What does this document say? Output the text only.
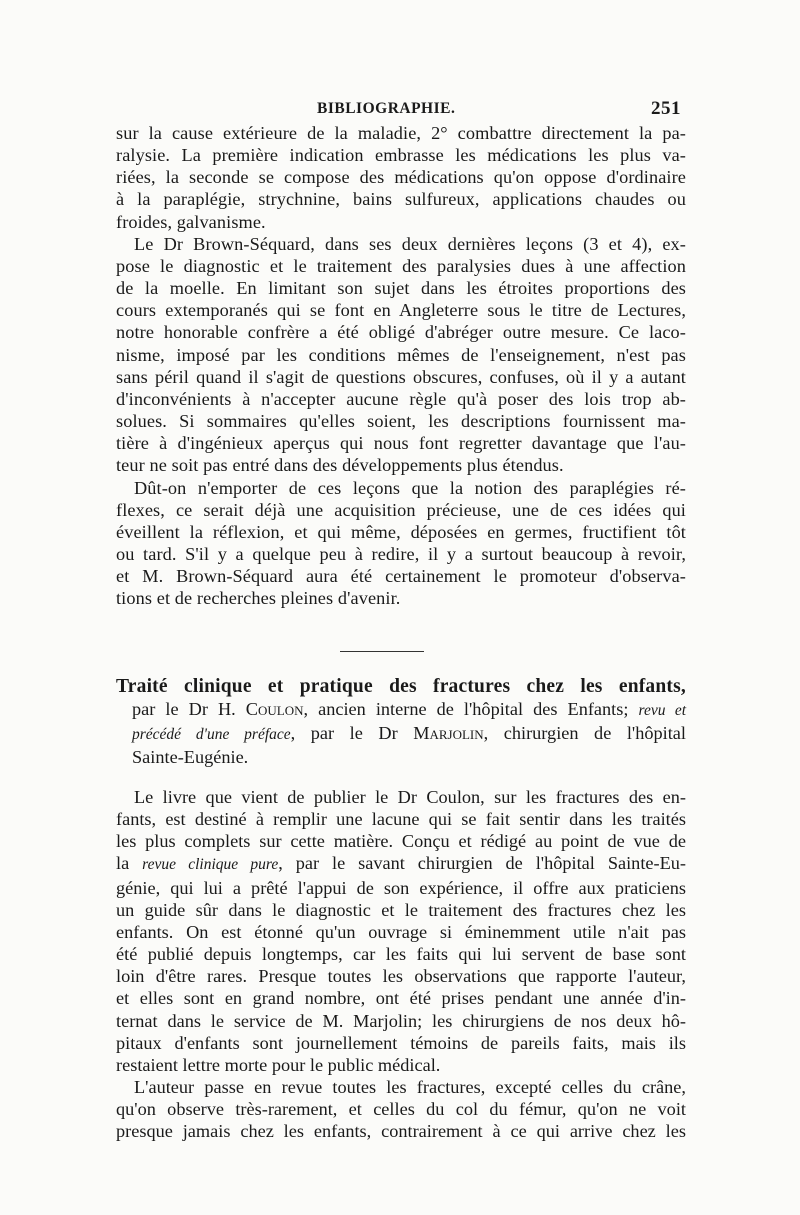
BIBLIOGRAPHIE.	251

sur la cause extérieure de la maladie, 2° combattre directement la pa-
ralysie. La première indication embrasse les médications les plus va-
riées, la seconde se compose des médications qu'on oppose d'ordinaire
à la paraplégie, strychnine, bains sulfureux, applications chaudes ou
froides, galvanisme.

Le Dr Brown-Séquard, dans ses deux dernières leçons (3 et 4), ex-
pose le diagnostic et le traitement des paralysies dues à une affection
de la moelle. En limitant son sujet dans les étroites proportions des
cours extemporanés qui se font en Angleterre sous le titre de Lectures,
notre honorable confrère a été obligé d'abréger outre mesure. Ce laco-
nisme, imposé par les conditions mêmes de l'enseignement, n'est pas
sans péril quand il s'agit de questions obscures, confuses, où il y a autant
d'inconvénients à n'accepter aucune règle qu'à poser des lois trop ab-
solues. Si sommaires qu'elles soient, les descriptions fournissent ma-
tière à d'ingénieux aperçus qui nous font regretter davantage que l'au-
teur ne soit pas entré dans des développements plus étendus.

Dût-on n'emporter de ces leçons que la notion des paraplégies ré-
flexes, ce serait déjà une acquisition précieuse, une de ces idées qui
éveillent la réflexion, et qui même, déposées en germes, fructifient tôt
ou tard. S'il y a quelque peu à redire, il y a surtout beaucoup à revoir,
et M. Brown-Séquard aura été certainement le promoteur d'observa-
tions et de recherches pleines d'avenir.

Traité clinique et pratique des fractures chez les enfants,
par le Dr H. Coulon, ancien interne de l'hôpital des Enfants; revu et
précédé d'une préface, par le Dr Marjolin, chirurgien de l'hôpital
Sainte-Eugénie.

Le livre que vient de publier le Dr Coulon, sur les fractures des en-
fants, est destiné à remplir une lacune qui se fait sentir dans les traités
les plus complets sur cette matière. Conçu et rédigé au point de vue de
la revue clinique pure, par le savant chirurgien de l'hôpital Sainte-Eu-
génie, qui lui a prêté l'appui de son expérience, il offre aux praticiens
un guide sûr dans le diagnostic et le traitement des fractures chez les
enfants. On est étonné qu'un ouvrage si éminemment utile n'ait pas
été publié depuis longtemps, car les faits qui lui servent de base sont
loin d'être rares. Presque toutes les observations que rapporte l'auteur,
et elles sont en grand nombre, ont été prises pendant une année d'in-
ternat dans le service de M. Marjolin; les chirurgiens de nos deux hô-
pitaux d'enfants sont journellement témoins de pareils faits, mais ils
restaient lettre morte pour le public médical.

L'auteur passe en revue toutes les fractures, excepté celles du crâne,
qu'on observe très-rarement, et celles du col du fémur, qu'on ne voit
presque jamais chez les enfants, contrairement à ce qui arrive chez les
